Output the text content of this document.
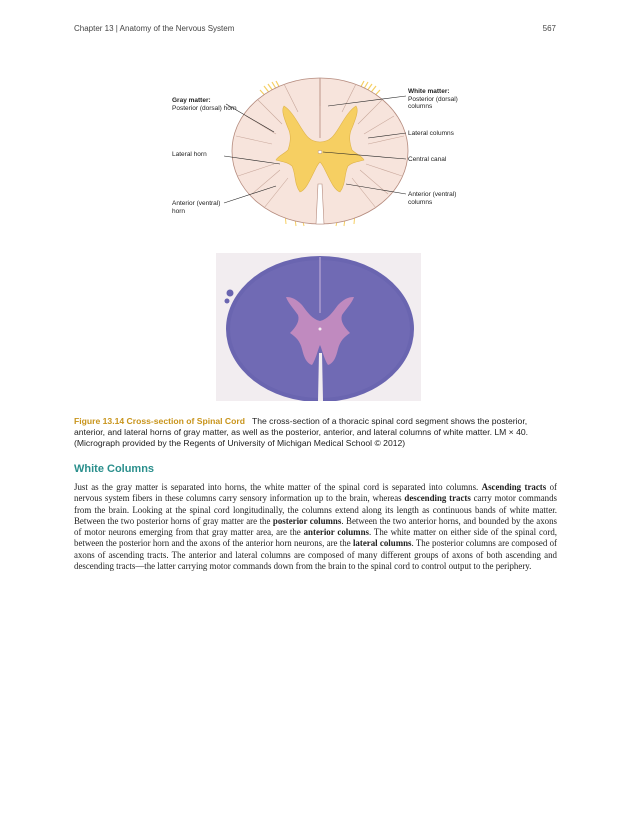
Chapter 13 | Anatomy of the Nervous System	567
Gray matter:
Posterior (dorsal) horn
Lateral horn
Anterior (ventral) horn
White matter:
Posterior (dorsal) columns
Lateral columns
Central canal
Anterior (ventral) columns
Figure 13.14 Cross-section of Spinal Cord The cross-section of a thoracic spinal cord segment shows the posterior, anterior, and lateral horns of gray matter, as well as the posterior, anterior, and lateral columns of white matter. LM × 40. (Micrograph provided by the Regents of University of Michigan Medical School © 2012)
White Columns
Just as the gray matter is separated into horns, the white matter of the spinal cord is separated into columns. Ascending tracts of nervous system fibers in these columns carry sensory information up to the brain, whereas descending tracts carry motor commands from the brain. Looking at the spinal cord longitudinally, the columns extend along its length as continuous bands of white matter. Between the two posterior horns of gray matter are the posterior columns. Between the two anterior horns, and bounded by the axons of motor neurons emerging from that gray matter area, are the anterior columns. The white matter on either side of the spinal cord, between the posterior horn and the axons of the anterior horn neurons, are the lateral columns. The posterior columns are composed of axons of ascending tracts. The anterior and lateral columns are composed of many different groups of axons of both ascending and descending tracts—the latter carrying motor commands down from the brain to the spinal cord to control output to the periphery.
